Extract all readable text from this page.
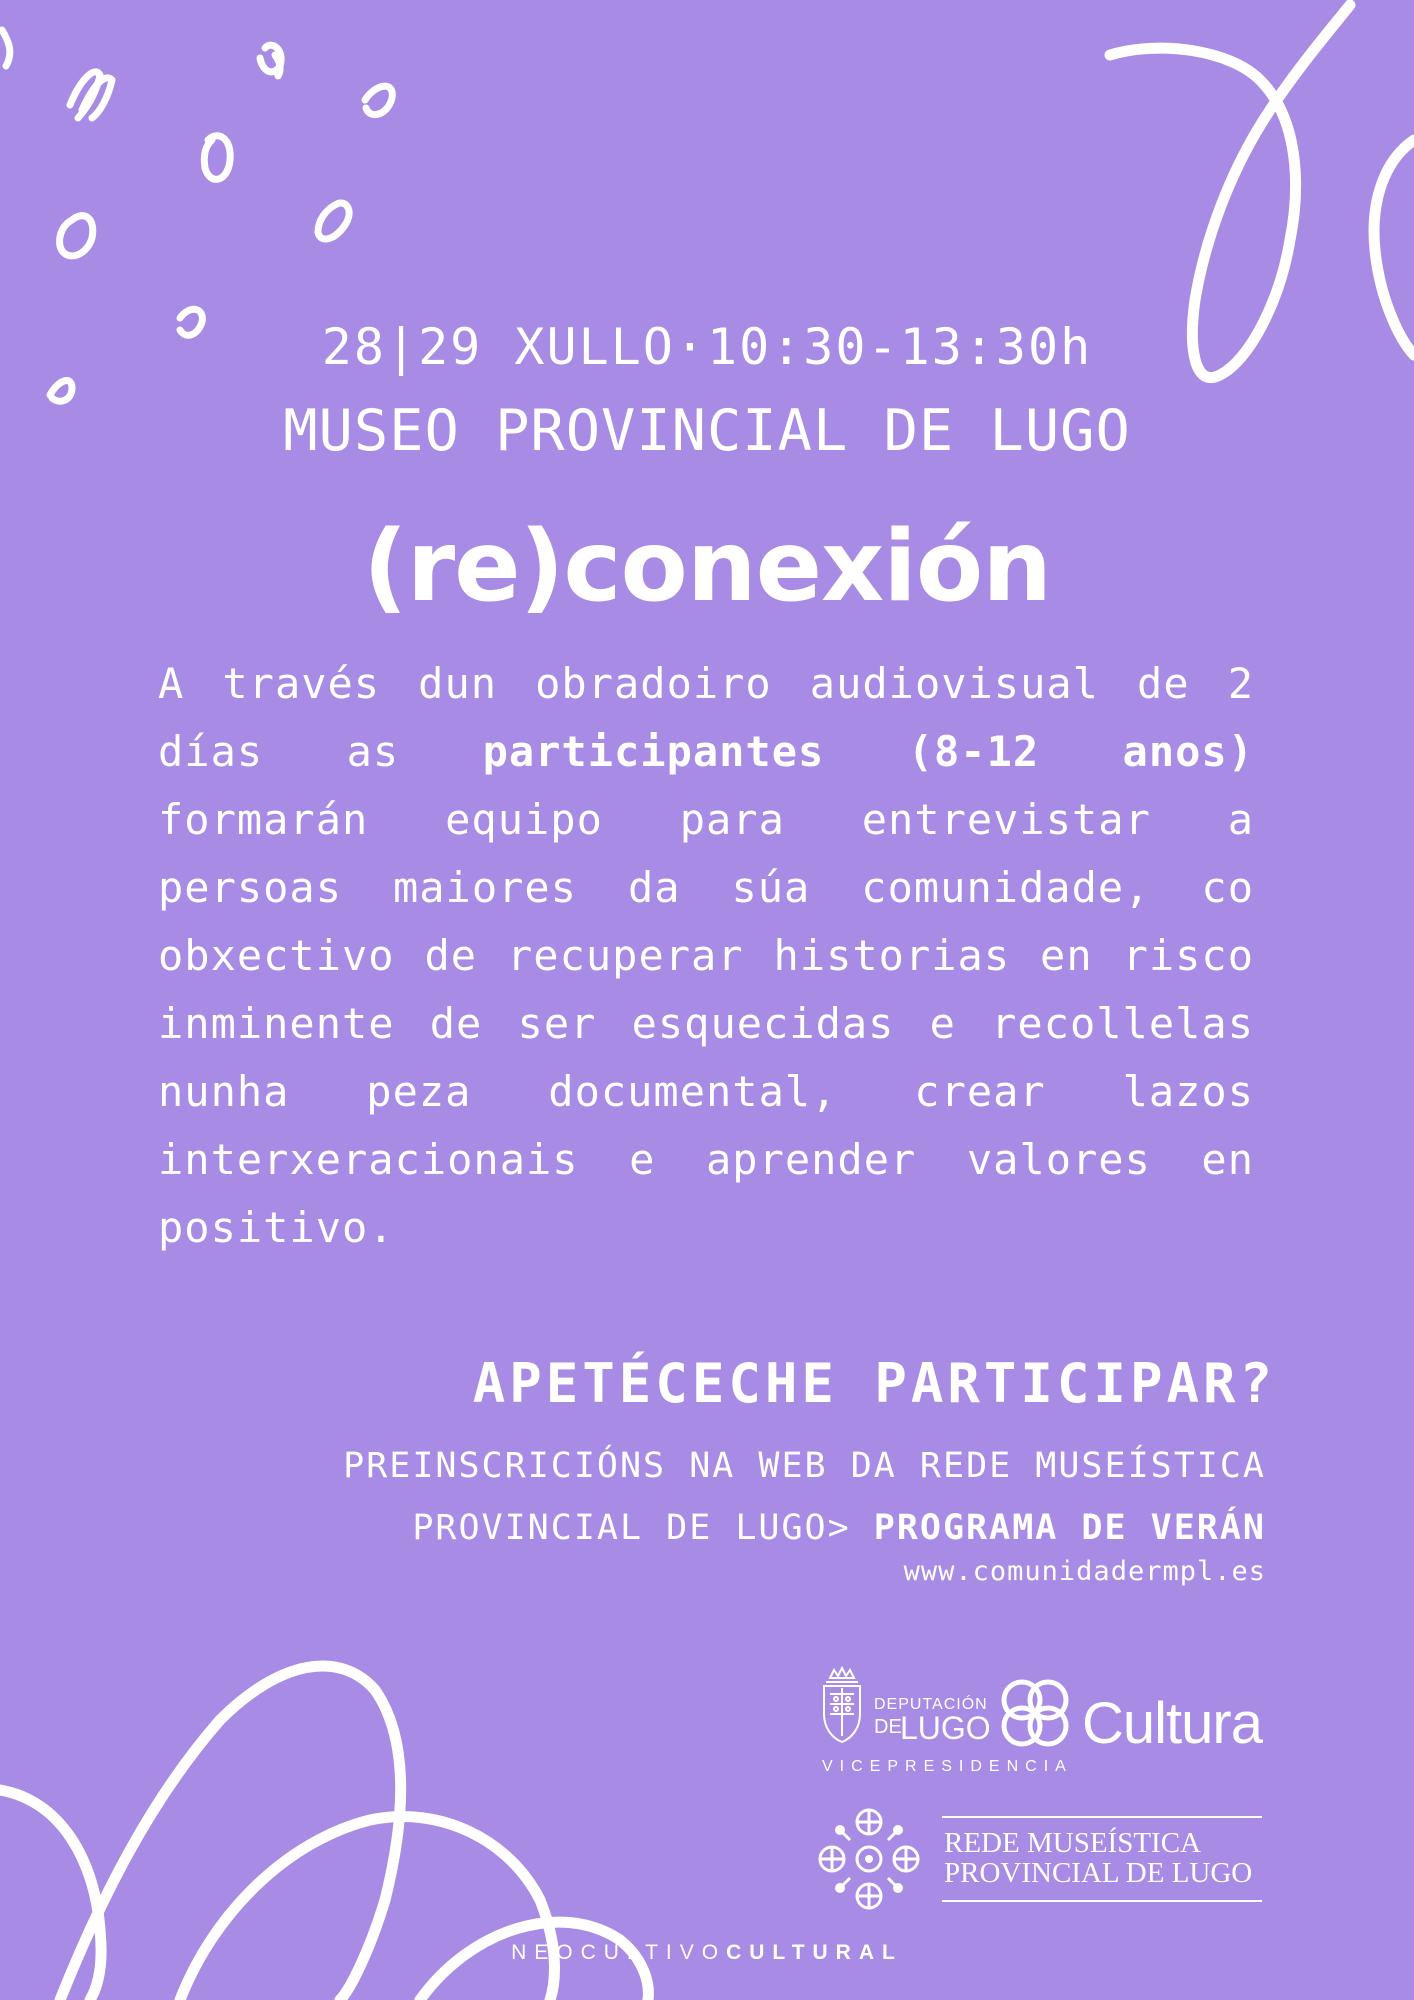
28|29 XULLO·10:30-13:30h
MUSEO PROVINCIAL DE LUGO
(re)conexión
A través dun obradoiro audiovisual de 2 días as participantes (8-12 anos) formarán equipo para entrevistar a persoas maiores da súa comunidade, co obxectivo de recuperar historias en risco inminente de ser esquecidas e recollelas nunha peza documental, crear lazos interxeracionais e aprender valores en positivo.
APETÉCECHE PARTICIPAR?
PREINSCRICIÓNS NA WEB DA REDE MUSEÍSTICA PROVINCIAL DE LUGO> PROGRAMA DE VERÁN
www.comunidadermpl.es
DEPUTACIÓN
DE
LUGO Cultura
VICEPRESIDENCIA
REDE MUSEÍSTICA
PROVINCIAL DE LUGO
NEOCULTIVOCULTURAL
